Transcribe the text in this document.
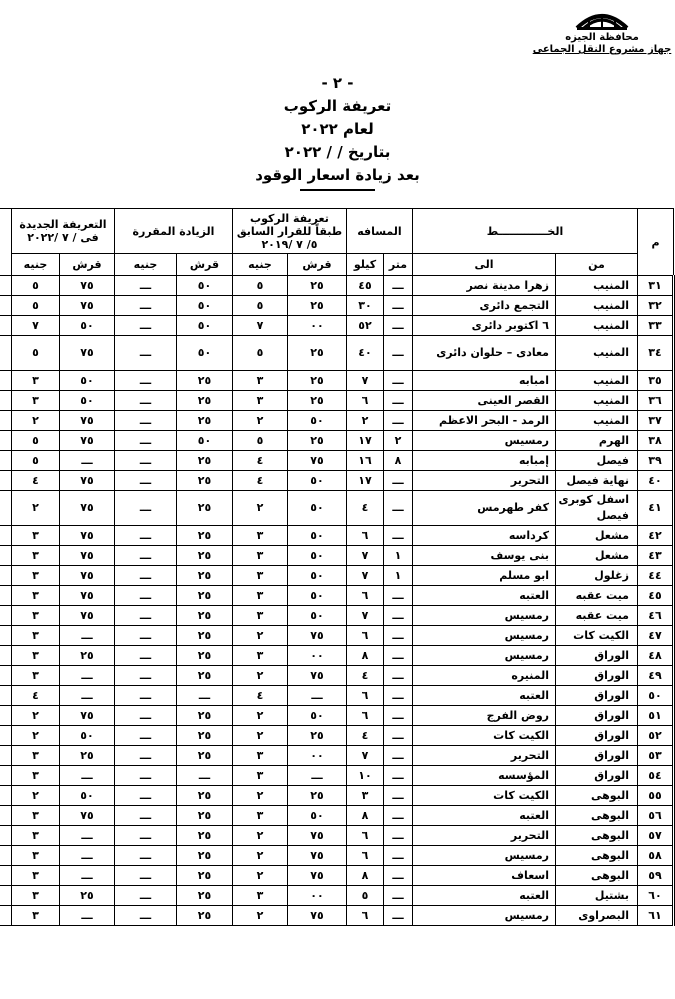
محافظة الجيزه
جهاز مشروع النقل الجماعى
- ٢ -
تعريفة الركوب
لعام ٢٠٢٢
بتاريخ / / ٢٠٢٢
بعد زيادة اسعار الوقود
م	الخـــــــــــــط		المسافه		تعريفة الركوب طبقاً للقرار السابق ٥/ ٧ /٢٠١٩		الزيادة المقررة		التعريفة الجديدة فى / ٧ /٢٠٢٢		
	من	الى	متر	كيلو	قرش	جنيه	قرش	جنيه	قرش	جنيه	
٣١	المنيب	زهرا مدينة نصر	ـــ	٤٥	٢٥	٥	٥٠	ـــ	٧٥	٥	
٣٢	المنيب	التجمع دائرى	ـــ	٣٠	٢٥	٥	٥٠	ـــ	٧٥	٥	
٣٣	المنيب	٦ اكتوبر دائرى	ـــ	٥٢	٠٠	٧	٥٠	ـــ	٥٠	٧	
٣٤	المنيب	معادى – حلوان دائرى	ـــ	٤٠	٢٥	٥	٥٠	ـــ	٧٥	٥	
٣٥	المنيب	امبابه	ـــ	٧	٢٥	٣	٢٥	ـــ	٥٠	٣	
٣٦	المنيب	القصر العينى	ـــ	٦	٢٥	٣	٢٥	ـــ	٥٠	٣	
٣٧	المنيب	الرمد - البحر الاعظم	ـــ	٢	٥٠	٢	٢٥	ـــ	٧٥	٢	
٣٨	الهرم	رمسيس	٢	١٧	٢٥	٥	٥٠	ـــ	٧٥	٥	
٣٩	فيصل	إمبابه	٨	١٦	٧٥	٤	٢٥	ـــ	ـــ	٥	
٤٠	نهاية فيصل	التحرير	ـــ	١٧	٥٠	٤	٢٥	ـــ	٧٥	٤	
٤١	اسفل كوبرى فيصل	كفر طهرمس	ـــ	٤	٥٠	٢	٢٥	ـــ	٧٥	٢	
٤٢	مشعل	كرداسه	ـــ	٦	٥٠	٣	٢٥	ـــ	٧٥	٣	
٤٣	مشعل	بنى يوسف	١	٧	٥٠	٣	٢٥	ـــ	٧٥	٣	
٤٤	زغلول	ابو مسلم	١	٧	٥٠	٣	٢٥	ـــ	٧٥	٣	
٤٥	ميت عقبه	العتبه	ـــ	٦	٥٠	٣	٢٥	ـــ	٧٥	٣	
٤٦	ميت عقبه	رمسيس	ـــ	٧	٥٠	٣	٢٥	ـــ	٧٥	٣	
٤٧	الكيت كات	رمسيس	ـــ	٦	٧٥	٢	٢٥	ـــ	ـــ	٣	
٤٨	الوراق	رمسيس	ـــ	٨	٠٠	٣	٢٥	ـــ	٢٥	٣	
٤٩	الوراق	المنيره	ـــ	٤	٧٥	٢	٢٥	ـــ	ـــ	٣	
٥٠	الوراق	العتبه	ـــ	٦	ـــ	٤	ـــ	ـــ	ـــ	٤	
٥١	الوراق	روض الفرج	ـــ	٦	٥٠	٢	٢٥	ـــ	٧٥	٢	
٥٢	الوراق	الكيت كات	ـــ	٤	٢٥	٢	٢٥	ـــ	٥٠	٢	
٥٣	الوراق	التحرير	ـــ	٧	٠٠	٣	٢٥	ـــ	٢٥	٣	
٥٤	الوراق	المؤسسه	ـــ	١٠	ـــ	٣	ـــ	ـــ	ـــ	٣	
٥٥	البوهى	الكيت كات	ـــ	٣	٢٥	٢	٢٥	ـــ	٥٠	٢	
٥٦	البوهى	العتبه	ـــ	٨	٥٠	٣	٢٥	ـــ	٧٥	٣	
٥٧	البوهى	التحرير	ـــ	٦	٧٥	٢	٢٥	ـــ	ـــ	٣	
٥٨	البوهى	رمسيس	ـــ	٦	٧٥	٢	٢٥	ـــ	ـــ	٣	
٥٩	البوهى	اسعاف	ـــ	٨	٧٥	٢	٢٥	ـــ	ـــ	٣	
٦٠	بشتيل	العتبه	ـــ	٥	٠٠	٣	٢٥	ـــ	٢٥	٣	
٦١	البصراوى	رمسيس	ـــ	٦	٧٥	٢	٢٥	ـــ	ـــ	٣	
